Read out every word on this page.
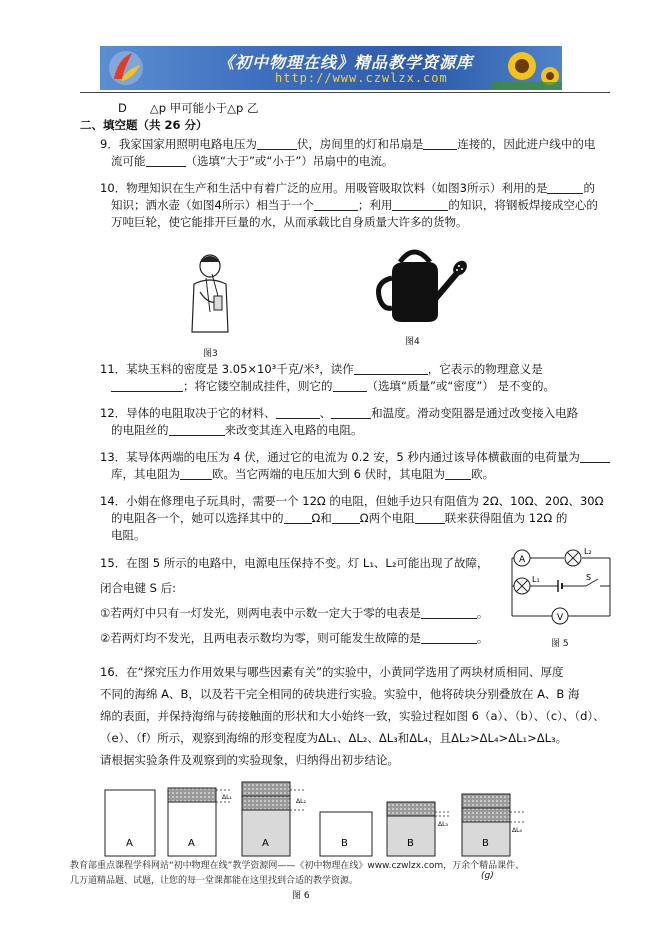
《初中物理在线》精品教学资源库
http://www.czwlzx.com
D　　△p 甲可能小于△p 乙
二、填空题（共 26 分）
9．我家国家用照明电路电压为	伏，房间里的灯和吊扇是	连接的，因此进户线中的电
流可能	（选填“大于”或“小于”）吊扇中的电流。
10．物理知识在生产和生活中有着广泛的应用。用吸管吸取饮料（如图3所示）利用的是	的
知识；洒水壶（如图4所示）相当于一个	；利用	的知识，将钢板焊接成空心的
万吨巨轮，使它能排开巨量的水，从而承载比自身质量大许多的货物。
图3
图4
11．某块玉料的密度是 3.05×10³千克/米³，读作	，它表示的物理意义是
；将它镂空制成挂件，则它的	（选填“质量”或“密度”） 是不变的。
12．导体的电阻取决于它的材料、	、	和温度。滑动变阻器是通过改变接入电路
的电阻丝的	来改变其连入电路的电阻。
13．某导体两端的电压为 4 伏，通过它的电流为 0.2 安，5 秒内通过该导体横截面的电荷量为
库，其电阻为	欧。当它两端的电压加大到 6 伏时，其电阻为 欧。
14．小娟在修理电子玩具时，需要一个 12Ω 的电阻，但她手边只有阻值为 2Ω、10Ω、20Ω、30Ω
的电阻各一个，她可以选择其中的 Ω和 Ω两个电阻	联来获得阻值为 12Ω 的
电阻。
15．在图 5 所示的电路中，电源电压保持不变。灯 L₁、L₂可能出现了故障，
闭合电键 S 后:
①若两灯中只有一灯发光，则两电表中示数一定大于零的电表是	。
②若两灯均不发光，且两电表示数均为零，则可能发生故障的是	。
A
V
L₂
L₁	S
图 5
16．在“探究压力作用效果与哪些因素有关”的实验中，小黄同学选用了两块材质相同、厚度
不同的海绵 A、B，以及若干完全相同的砖块进行实验。实验中，他将砖块分别叠放在 A、B 海
绵的表面，并保持海绵与砖接触面的形状和大小始终一致，实验过程如图 6（a）、（b）、（c）、（d）、
（e）、（f）所示，观察到海绵的形变程度为ΔL₁、ΔL₂、ΔL₃和ΔL₄，且ΔL₂>ΔL₄>ΔL₁>ΔL₃。
请根据实验条件及观察到的实验现象，归纳得出初步结论。
A	A	A	B	B	B
ΔL₁
ΔL₂
ΔL₃
ΔL₄
教育部重点课程学科网站“初中物理在线”教学资源网——《初中物理在线》www.czwlzx.com，万余个精品课件、
几万道精品题、试题，让您的每一堂课都能在这里找到合适的教学资源。	(g)
图 6
